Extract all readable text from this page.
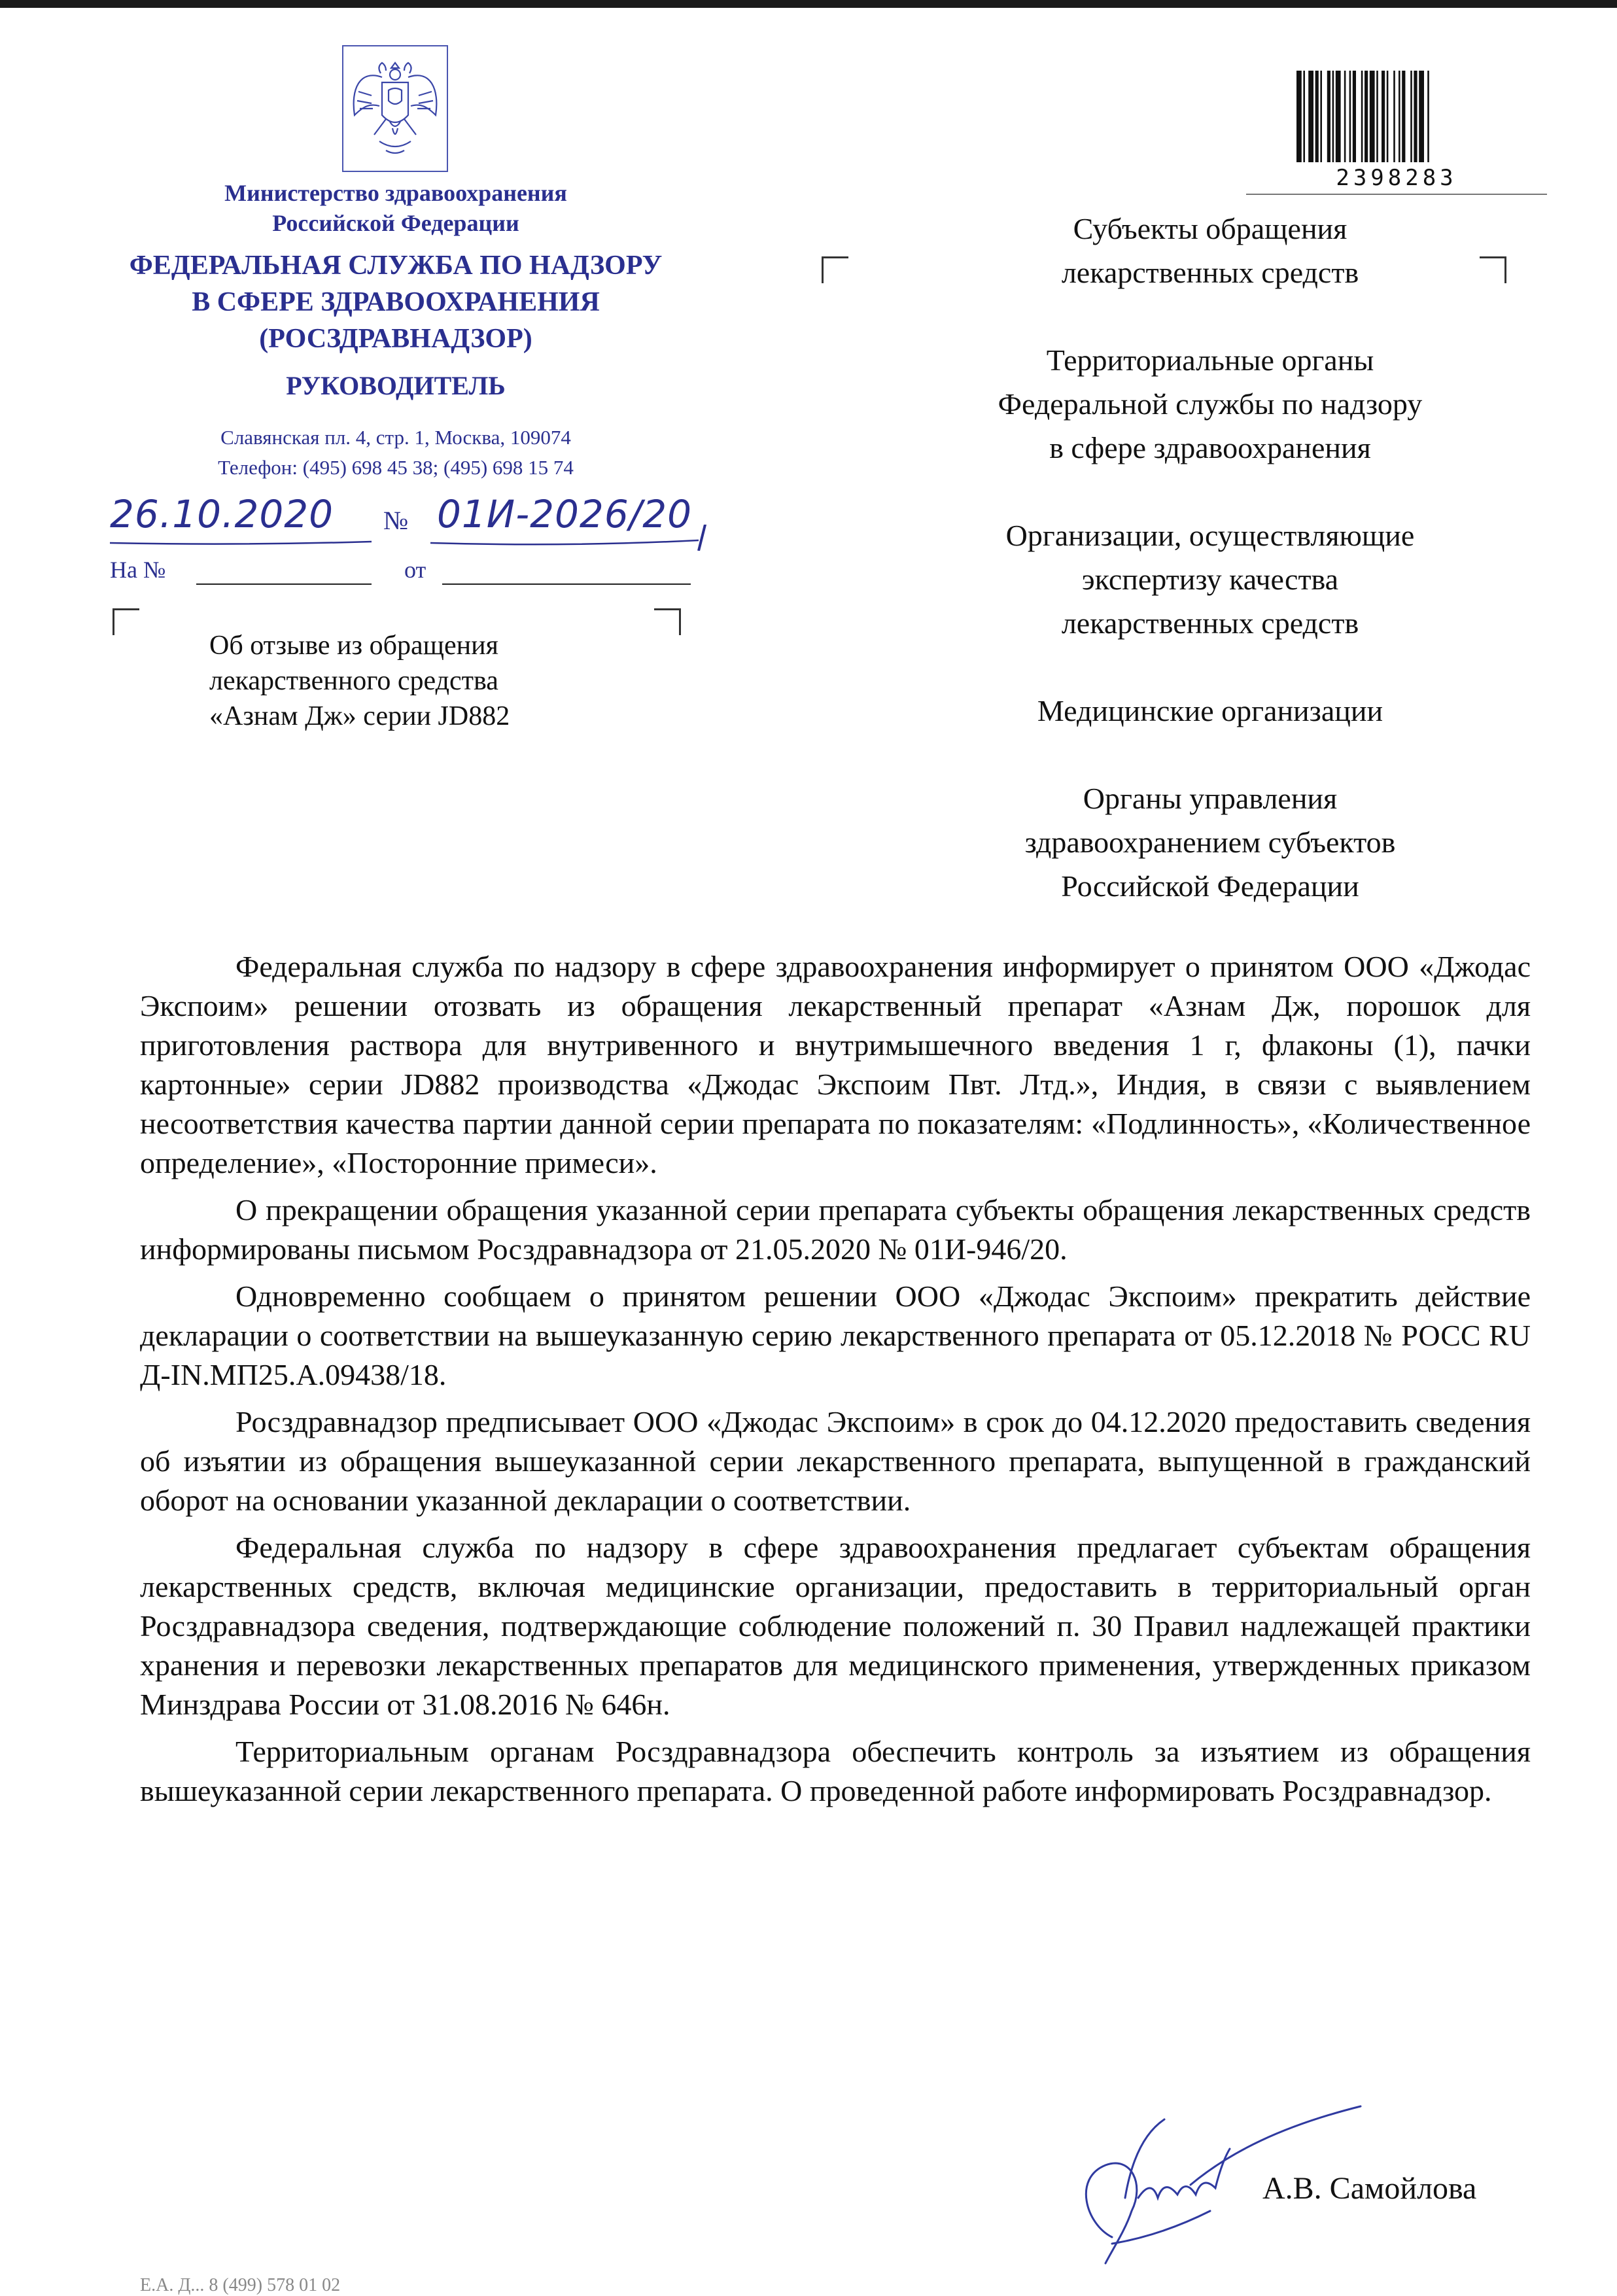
Министерство здравоохранения
Российской Федерации
ФЕДЕРАЛЬНАЯ СЛУЖБА ПО НАДЗОРУ
В СФЕРЕ ЗДРАВООХРАНЕНИЯ
(РОСЗДРАВНАДЗОР)
РУКОВОДИТЕЛЬ
Славянская пл. 4, стр. 1, Москва, 109074
Телефон: (495) 698 45 38; (495) 698 15 74
26.10.2020 № 01И-2026/20
На №	от
Об отзыве из обращения
лекарственного средства
«Азнам Дж» серии JD882
2398283
Субъекты обращения
лекарственных средств
Территориальные органы
Федеральной службы по надзору
в сфере здравоохранения
Организации, осуществляющие
экспертизу качества
лекарственных средств
Медицинские организации
Органы управления
здравоохранением субъектов
Российской Федерации

Федеральная служба по надзору в сфере здравоохранения информирует о принятом ООО «Джодас Экспоим» решении отозвать из обращения лекарственный препарат «Азнам Дж, порошок для приготовления раствора для внутривенного и внутримышечного введения 1 г, флаконы (1), пачки картонные» серии JD882 производства «Джодас Экспоим Пвт. Лтд.», Индия, в связи с выявлением несоответствия качества партии данной серии препарата по показателям: «Подлинность», «Количественное определение», «Посторонние примеси».

О прекращении обращения указанной серии препарата субъекты обращения лекарственных средств информированы письмом Росздравнадзора от 21.05.2020 № 01И-946/20.

Одновременно сообщаем о принятом решении ООО «Джодас Экспоим» прекратить действие декларации о соответствии на вышеуказанную серию лекарственного препарата от 05.12.2018 № РОСС RU Д-IN.МП25.А.09438/18.

Росздравнадзор предписывает ООО «Джодас Экспоим» в срок до 04.12.2020 предоставить сведения об изъятии из обращения вышеуказанной серии лекарственного препарата, выпущенной в гражданский оборот на основании указанной декларации о соответствии.

Федеральная служба по надзору в сфере здравоохранения предлагает субъектам обращения лекарственных средств, включая медицинские организации, предоставить в территориальный орган Росздравнадзора сведения, подтверждающие соблюдение положений п. 30 Правил надлежащей практики хранения и перевозки лекарственных препаратов для медицинского применения, утвержденных приказом Минздрава России от 31.08.2016 № 646н.

Территориальным органам Росздравнадзора обеспечить контроль за изъятием из обращения вышеуказанной серии лекарственного препарата. О проведенной работе информировать Росздравнадзор.

А.В. Самойлова
Е.А. Д... 8 (499) 578 01 02
